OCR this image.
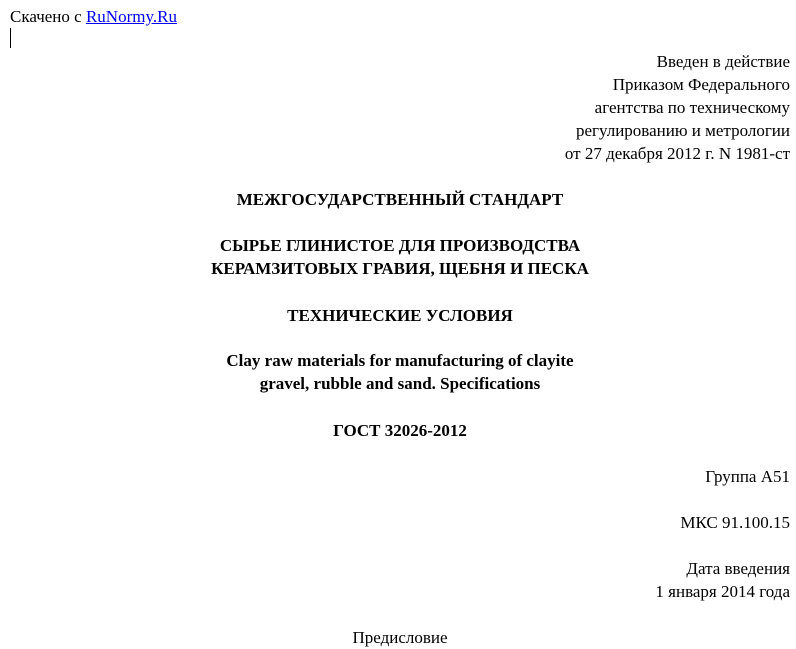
Скачено с RuNormy.Ru
Введен в действие
Приказом Федерального
агентства по техническому
регулированию и метрологии
от 27 декабря 2012 г. N 1981-ст
МЕЖГОСУДАРСТВЕННЫЙ СТАНДАРТ
СЫРЬЕ ГЛИНИСТОЕ ДЛЯ ПРОИЗВОДСТВА
КЕРАМЗИТОВЫХ ГРАВИЯ, ЩЕБНЯ И ПЕСКА
ТЕХНИЧЕСКИЕ УСЛОВИЯ
Clay raw materials for manufacturing of clayite
gravel, rubble and sand. Specifications
ГОСТ 32026-2012
Группа А51
МКС 91.100.15
Дата введения
1 января 2014 года
Предисловие
